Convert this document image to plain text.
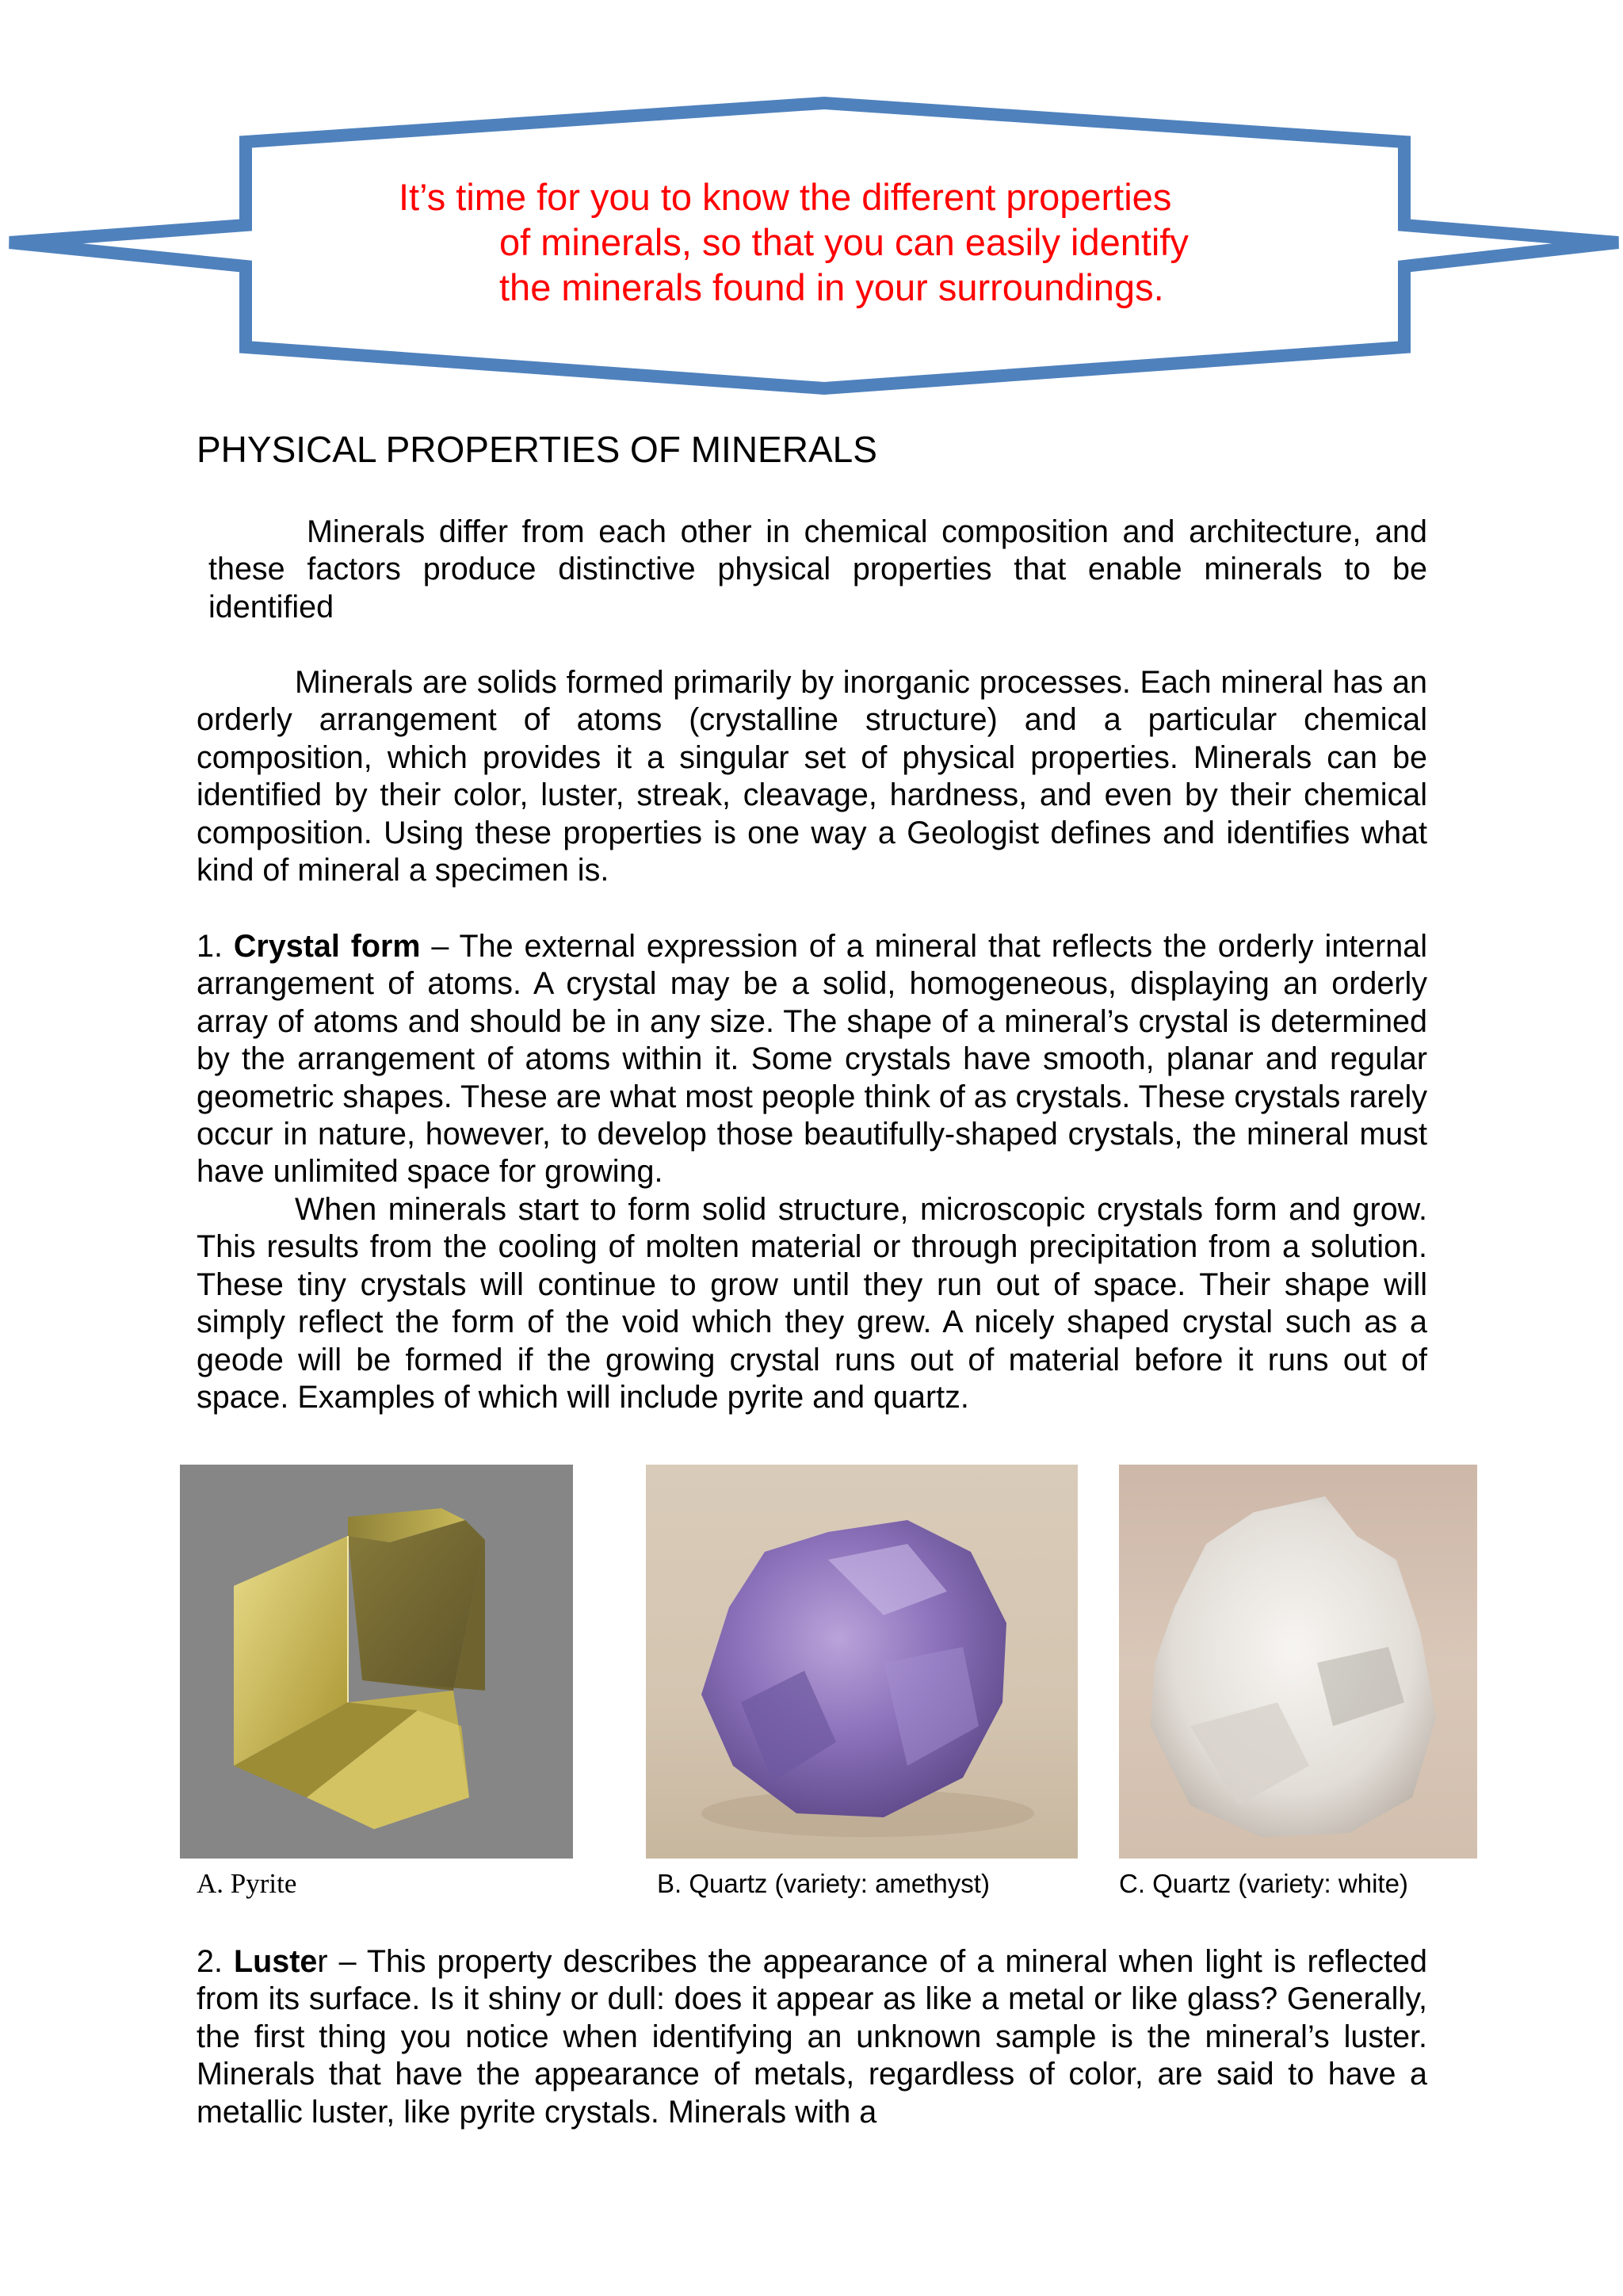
It’s time for you to know the different properties
of minerals, so that you can easily identify
the minerals found in your surroundings.
PHYSICAL PROPERTIES OF MINERALS

Minerals differ from each other in chemical composition and architecture, and these factors produce distinctive physical properties that enable minerals to be identified

Minerals are solids formed primarily by inorganic processes. Each mineral has an orderly arrangement of atoms (crystalline structure) and a particular chemical composition, which provides it a singular set of physical properties. Minerals can be identified by their color, luster, streak, cleavage, hardness, and even by their chemical composition. Using these properties is one way a Geologist defines and identifies what kind of mineral a specimen is.

1. Crystal form – The external expression of a mineral that reflects the orderly internal arrangement of atoms. A crystal may be a solid, homogeneous, displaying an orderly array of atoms and should be in any size. The shape of a mineral’s crystal is determined by the arrangement of atoms within it. Some crystals have smooth, planar and regular geometric shapes. These are what most people think of as crystals. These crystals rarely occur in nature, however, to develop those beautifully-shaped crystals, the mineral must have unlimited space for growing.

When minerals start to form solid structure, microscopic crystals form and grow. This results from the cooling of molten material or through precipitation from a solution. These tiny crystals will continue to grow until they run out of space. Their shape will simply reflect the form of the void which they grew. A nicely shaped crystal such as a geode will be formed if the growing crystal runs out of material before it runs out of space. Examples of which will include pyrite and quartz.

A. Pyrite	B. Quartz (variety: amethyst)	C. Quartz (variety: white)

2. Luster – This property describes the appearance of a mineral when light is reflected from its surface. Is it shiny or dull: does it appear as like a metal or like glass? Generally, the first thing you notice when identifying an unknown sample is the mineral’s luster. Minerals that have the appearance of metals, regardless of color, are said to have a metallic luster, like pyrite crystals. Minerals with a
